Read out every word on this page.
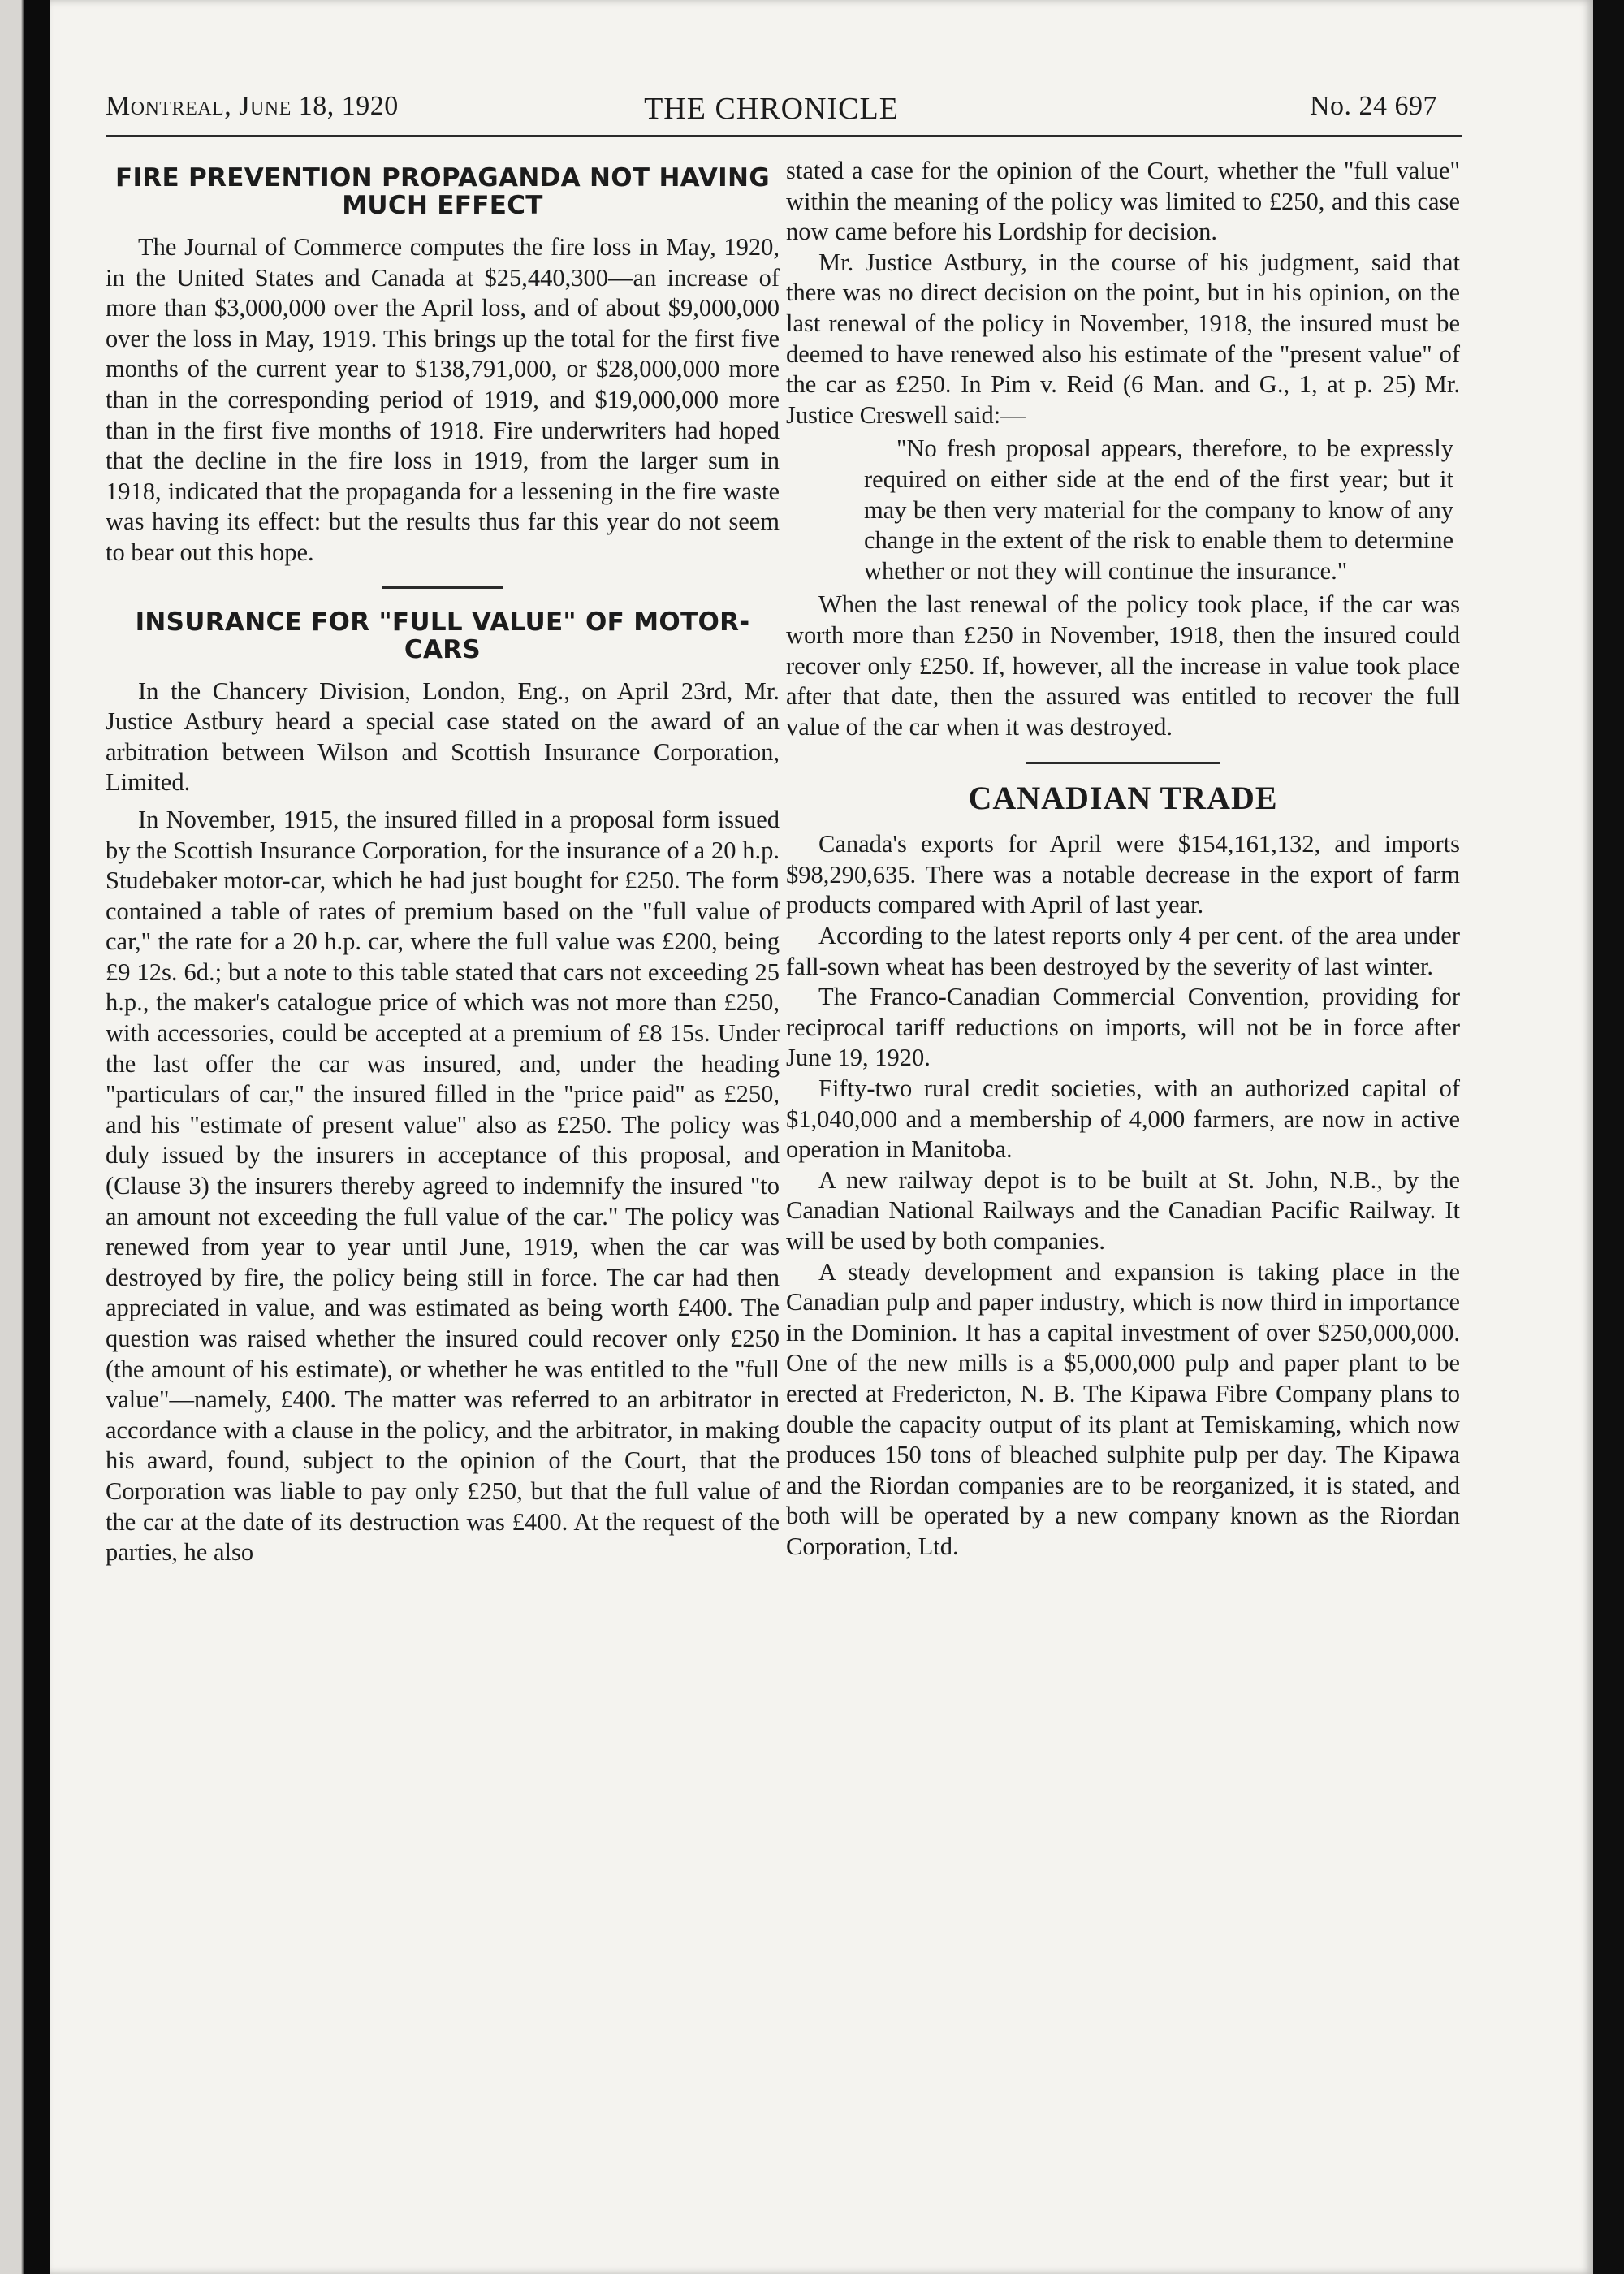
Montreal, June 18, 1920	THE CHRONICLE	No. 24 697
FIRE PREVENTION PROPAGANDA NOT HAVING MUCH EFFECT

The Journal of Commerce computes the fire loss in May, 1920, in the United States and Canada at $25,440,300—an increase of more than $3,000,000 over the April loss, and of about $9,000,000 over the loss in May, 1919. This brings up the total for the first five months of the current year to $138,791,000, or $28,000,000 more than in the corresponding period of 1919, and $19,000,000 more than in the first five months of 1918. Fire underwriters had hoped that the decline in the fire loss in 1919, from the larger sum in 1918, indicated that the propaganda for a lessening in the fire waste was having its effect: but the results thus far this year do not seem to bear out this hope.

INSURANCE FOR "FULL VALUE" OF MOTOR-CARS

In the Chancery Division, London, Eng., on April 23rd, Mr. Justice Astbury heard a special case stated on the award of an arbitration between Wilson and Scottish Insurance Corporation, Limited.

In November, 1915, the insured filled in a proposal form issued by the Scottish Insurance Corporation, for the insurance of a 20 h.p. Studebaker motor-car, which he had just bought for £250. The form contained a table of rates of premium based on the "full value of car," the rate for a 20 h.p. car, where the full value was £200, being £9 12s. 6d.; but a note to this table stated that cars not exceeding 25 h.p., the maker's catalogue price of which was not more than £250, with accessories, could be accepted at a premium of £8 15s. Under the last offer the car was insured, and, under the heading "particulars of car," the insured filled in the "price paid" as £250, and his "estimate of present value" also as £250. The policy was duly issued by the insurers in acceptance of this proposal, and (Clause 3) the insurers thereby agreed to indemnify the insured "to an amount not exceeding the full value of the car." The policy was renewed from year to year until June, 1919, when the car was destroyed by fire, the policy being still in force. The car had then appreciated in value, and was estimated as being worth £400. The question was raised whether the insured could recover only £250 (the amount of his estimate), or whether he was entitled to the "full value"—namely, £400. The matter was referred to an arbitrator in accordance with a clause in the policy, and the arbitrator, in making his award, found, subject to the opinion of the Court, that the Corporation was liable to pay only £250, but that the full value of the car at the date of its destruction was £400. At the request of the parties, he also

stated a case for the opinion of the Court, whether the "full value" within the meaning of the policy was limited to £250, and this case now came before his Lordship for decision.

Mr. Justice Astbury, in the course of his judgment, said that there was no direct decision on the point, but in his opinion, on the last renewal of the policy in November, 1918, the insured must be deemed to have renewed also his estimate of the "present value" of the car as £250. In Pim v. Reid (6 Man. and G., 1, at p. 25) Mr. Justice Creswell said:—

"No fresh proposal appears, therefore, to be expressly required on either side at the end of the first year; but it may be then very material for the company to know of any change in the extent of the risk to enable them to determine whether or not they will continue the insurance."

When the last renewal of the policy took place, if the car was worth more than £250 in November, 1918, then the insured could recover only £250. If, however, all the increase in value took place after that date, then the assured was entitled to recover the full value of the car when it was destroyed.

CANADIAN TRADE

Canada's exports for April were $154,161,132, and imports $98,290,635. There was a notable decrease in the export of farm products compared with April of last year.

According to the latest reports only 4 per cent. of the area under fall-sown wheat has been destroyed by the severity of last winter.

The Franco-Canadian Commercial Convention, providing for reciprocal tariff reductions on imports, will not be in force after June 19, 1920.

Fifty-two rural credit societies, with an authorized capital of $1,040,000 and a membership of 4,000 farmers, are now in active operation in Manitoba.

A new railway depot is to be built at St. John, N.B., by the Canadian National Railways and the Canadian Pacific Railway. It will be used by both companies.

A steady development and expansion is taking place in the Canadian pulp and paper industry, which is now third in importance in the Dominion. It has a capital investment of over $250,000,000. One of the new mills is a $5,000,000 pulp and paper plant to be erected at Fredericton, N. B. The Kipawa Fibre Company plans to double the capacity output of its plant at Temiskaming, which now produces 150 tons of bleached sulphite pulp per day. The Kipawa and the Riordan companies are to be reorganized, it is stated, and both will be operated by a new company known as the Riordan Corporation, Ltd.
